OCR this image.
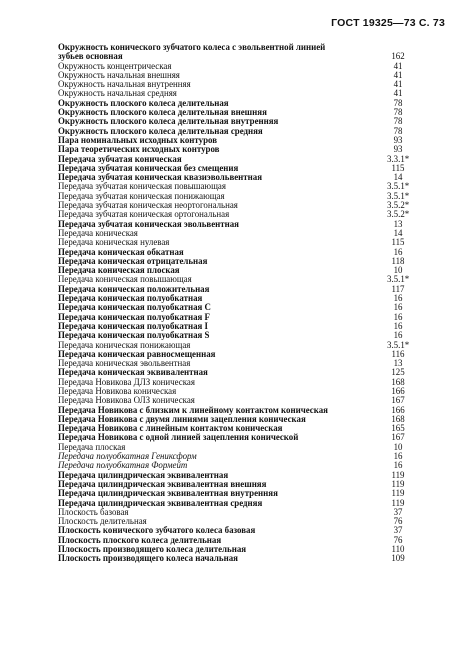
ГОСТ 19325—73 С. 73
Окружность конического зубчатого колеса с эвольвентной линией
зубьев основная	162
Окружность концентрическая	41
Окружность начальная внешняя	41
Окружность начальная внутренняя	41
Окружность начальная средняя	41
Окружность плоского колеса делительная	78
Окружность плоского колеса делительная внешняя	78
Окружность плоского колеса делительная внутренняя	78
Окружность плоского колеса делительная средняя	78
Пара номинальных исходных контуров	93
Пара теоретических исходных контуров	93
Передача зубчатая коническая	3.3.1*
Передача зубчатая коническая без смещения	115
Передача зубчатая коническая квазиэвольвентная	14
Передача зубчатая коническая повышающая	3.5.1*
Передача зубчатая коническая понижающая	3.5.1*
Передача зубчатая коническая неортогональная	3.5.2*
Передача зубчатая коническая ортогональная	3.5.2*
Передача зубчатая коническая эвольвентная	13
Передача коническая	14
Передача коническая нулевая	115
Передача коническая обкатная	16
Передача коническая отрицательная	118
Передача коническая плоская	10
Передача коническая повышающая	3.5.1*
Передача коническая положительная	117
Передача коническая полуобкатная	16
Передача коническая полуобкатная C	16
Передача коническая полуобкатная F	16
Передача коническая полуобкатная I	16
Передача коническая полуобкатная S	16
Передача коническая понижающая	3.5.1*
Передача коническая равносмещенная	116
Передача коническая эвольвентная	13
Передача коническая эквивалентная	125
Передача Новикова ДЛЗ коническая	168
Передача Новикова коническая	166
Передача Новикова ОЛЗ коническая	167
Передача Новикова с близким к линейному контактом коническая	166
Передача Новикова с двумя линиями зацепления коническая	168
Передача Новикова с линейным контактом коническая	165
Передача Новикова с одной линией зацепления конической	167
Передача плоская	10
Передача полуобкатная Гениксформ	16
Передача полуобкатная Формейт	16
Передача цилиндрическая эквивалентная	119
Передача цилиндрическая эквивалентная внешняя	119
Передача цилиндрическая эквивалентная внутренняя	119
Передача цилиндрическая эквивалентная средняя	119
Плоскость базовая	37
Плоскость делительная	76
Плоскость конического зубчатого колеса базовая	37
Плоскость плоского колеса делительная	76
Плоскость производящего колеса делительная	110
Плоскость производящего колеса начальная	109
